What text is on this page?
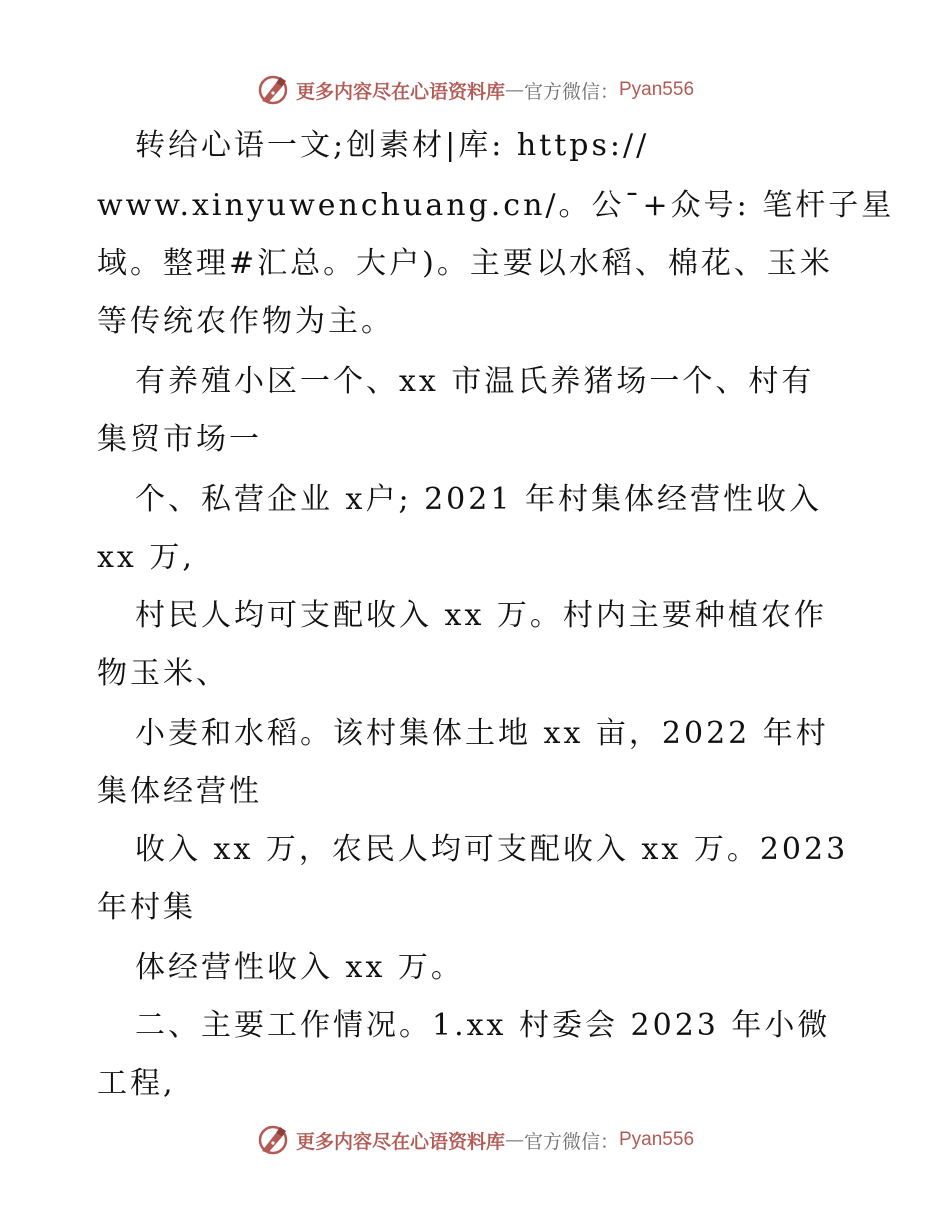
更多内容尽在心语资料库 — 官方微信： Pyan556
转给心语一文;创素材|库: https://
www.xinyuwenchuang.cn/。公¯+众号: 笔杆子星
域。整理#汇总。大户)。主要以水稻、棉花、玉米
等传统农作物为主。
有养殖小区一个、xx 市温氏养猪场一个、村有
集贸市场一
个、私营企业 x户; 2021 年村集体经营性收入
xx 万,
村民人均可支配收入 xx 万。村内主要种植农作
物玉米、
小麦和水稻。该村集体土地 xx 亩，2022 年村
集体经营性
收入 xx 万，农民人均可支配收入 xx 万。2023
年村集
体经营性收入 xx 万。
二、主要工作情况。1.xx 村委会 2023 年小微
工程,
更多内容尽在心语资料库 — 官方微信： Pyan556
